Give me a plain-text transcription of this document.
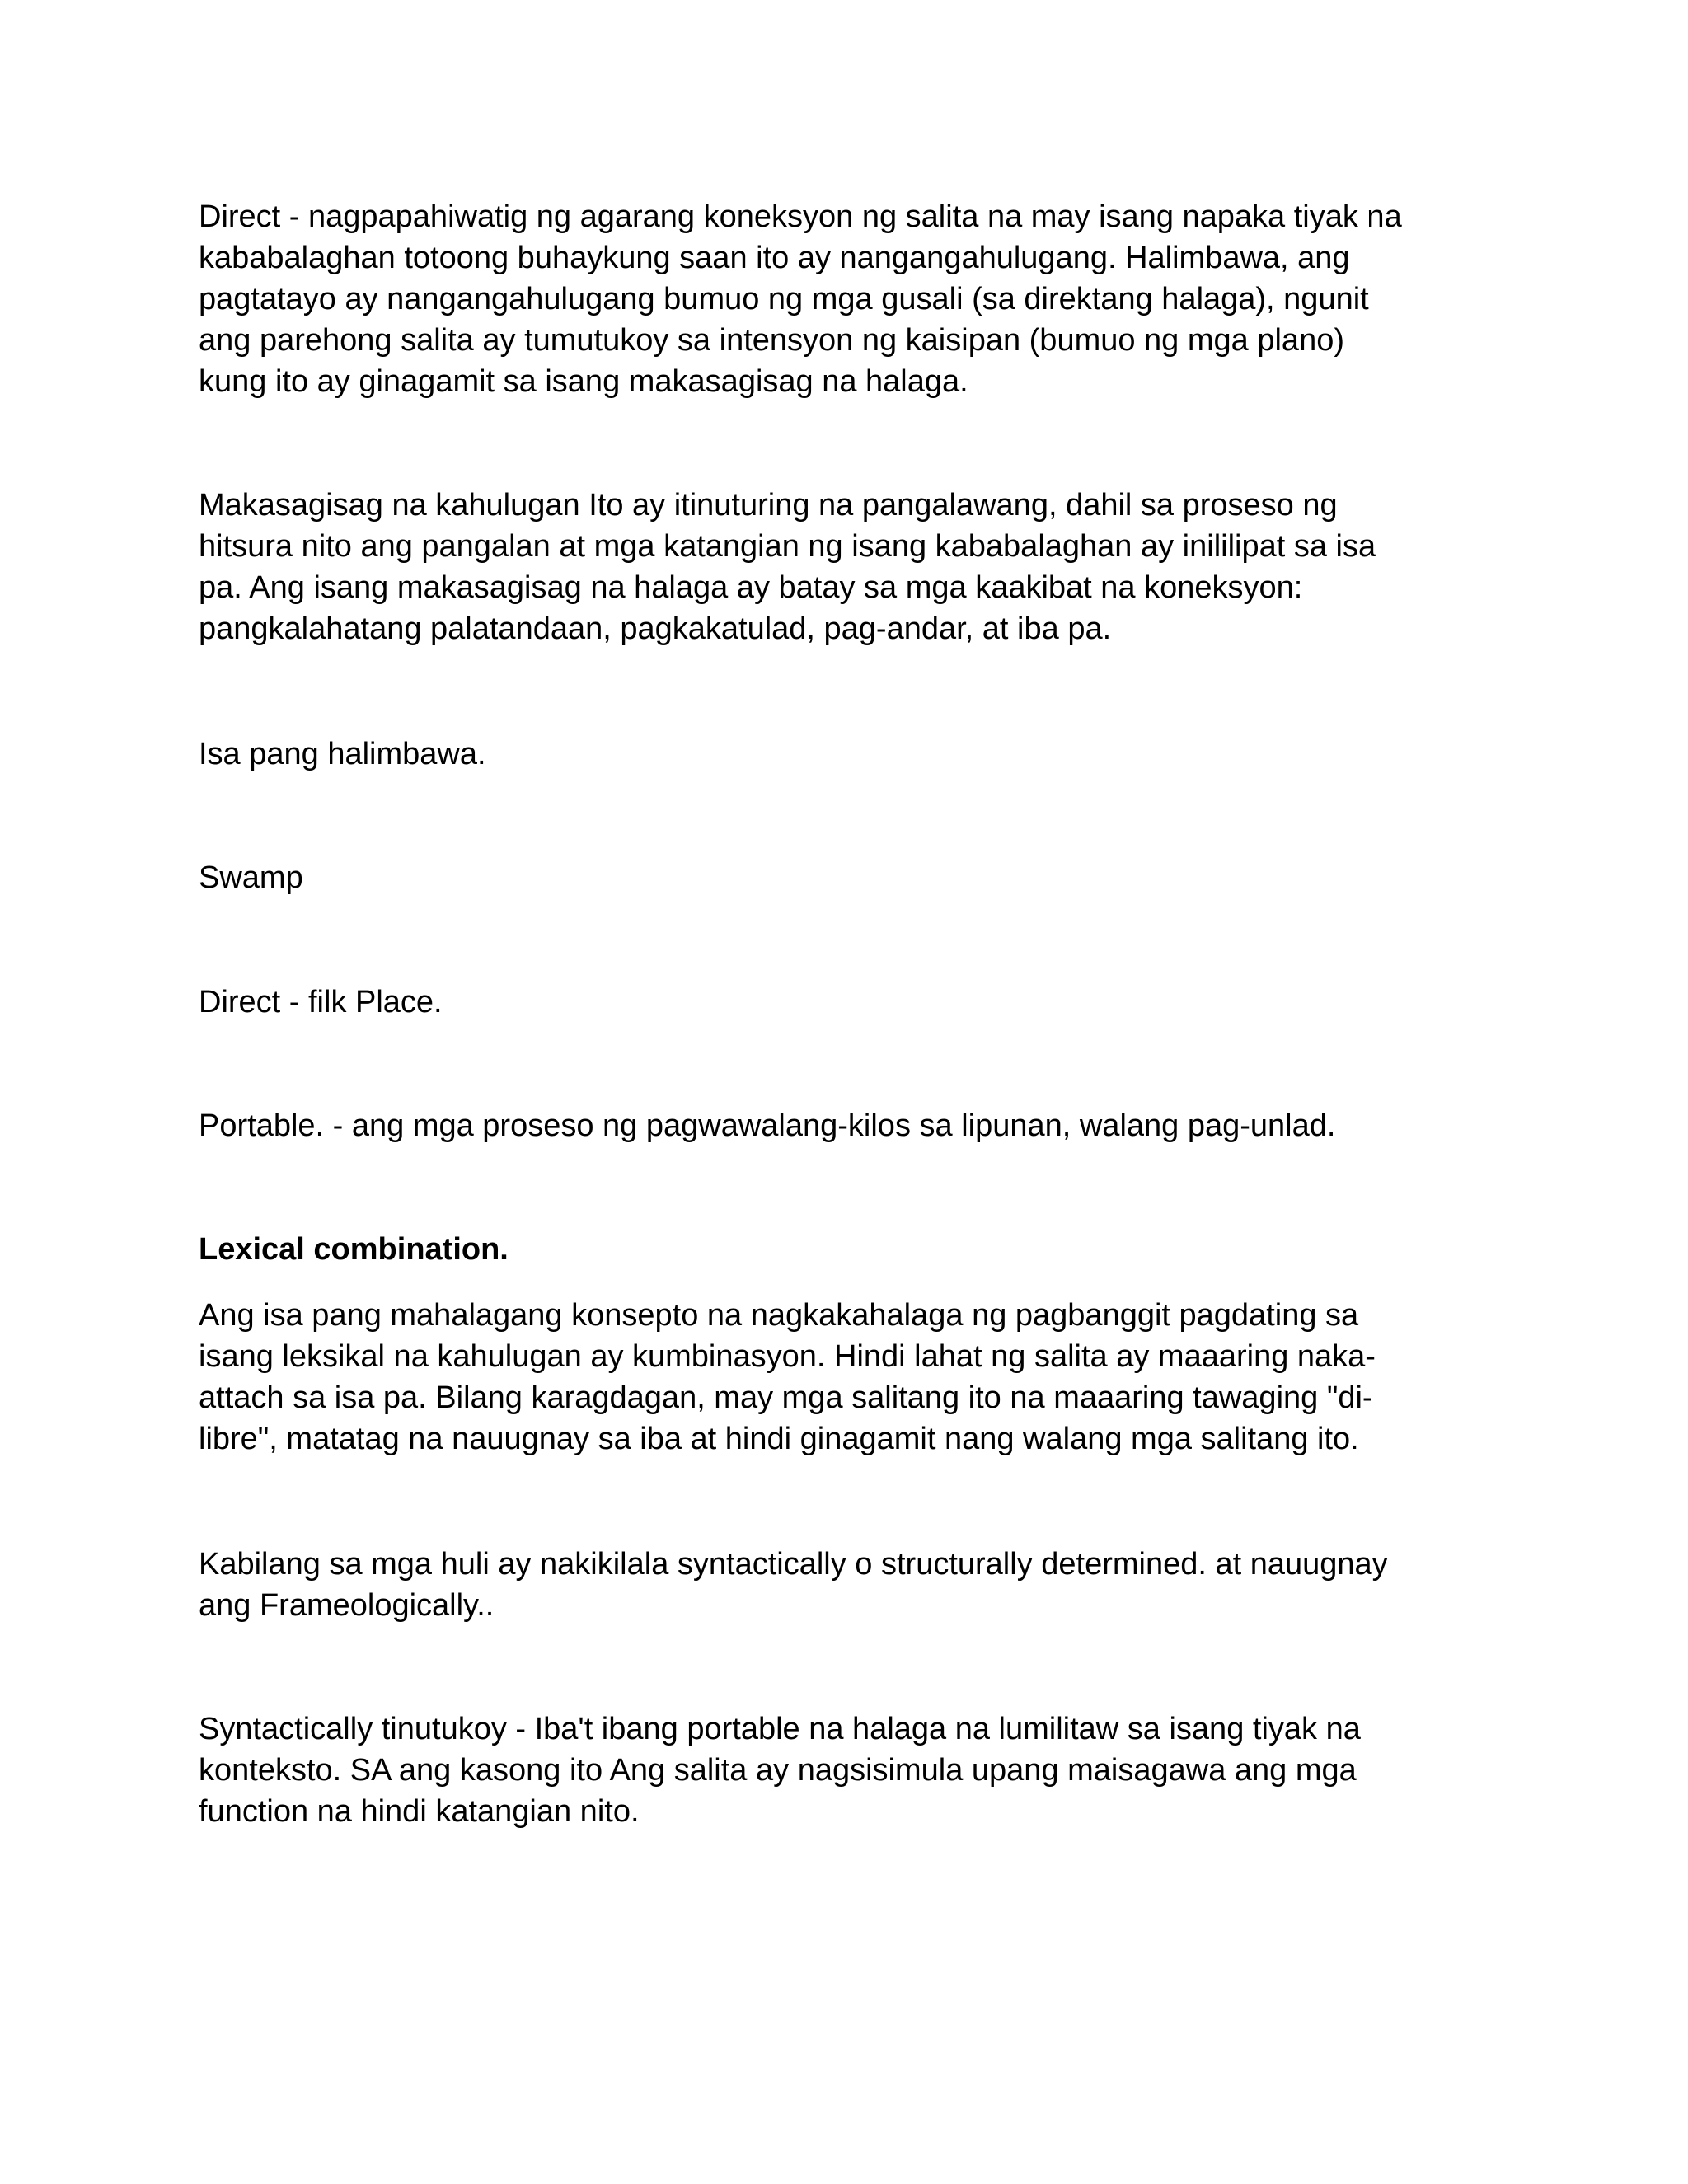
Direct - nagpapahiwatig ng agarang koneksyon ng salita na may isang napaka tiyak na
kababalaghan totoong buhaykung saan ito ay nangangahulugang. Halimbawa, ang
pagtatayo ay nangangahulugang bumuo ng mga gusali (sa direktang halaga), ngunit
ang parehong salita ay tumutukoy sa intensyon ng kaisipan (bumuo ng mga plano)
kung ito ay ginagamit sa isang makasagisag na halaga.
Makasagisag na kahulugan Ito ay itinuturing na pangalawang, dahil sa proseso ng
hitsura nito ang pangalan at mga katangian ng isang kababalaghan ay inililipat sa isa
pa. Ang isang makasagisag na halaga ay batay sa mga kaakibat na koneksyon:
pangkalahatang palatandaan, pagkakatulad, pag-andar, at iba pa.
Isa pang halimbawa.
Swamp
Direct - filk Place.
Portable. - ang mga proseso ng pagwawalang-kilos sa lipunan, walang pag-unlad.
Lexical combination.
Ang isa pang mahalagang konsepto na nagkakahalaga ng pagbanggit pagdating sa
isang leksikal na kahulugan ay kumbinasyon. Hindi lahat ng salita ay maaaring naka-
attach sa isa pa. Bilang karagdagan, may mga salitang ito na maaaring tawaging "di-
libre", matatag na nauugnay sa iba at hindi ginagamit nang walang mga salitang ito.
Kabilang sa mga huli ay nakikilala syntactically o structurally determined. at nauugnay
ang Frameologically..
Syntactically tinutukoy - Iba't ibang portable na halaga na lumilitaw sa isang tiyak na
konteksto. SA ang kasong ito Ang salita ay nagsisimula upang maisagawa ang mga
function na hindi katangian nito.
